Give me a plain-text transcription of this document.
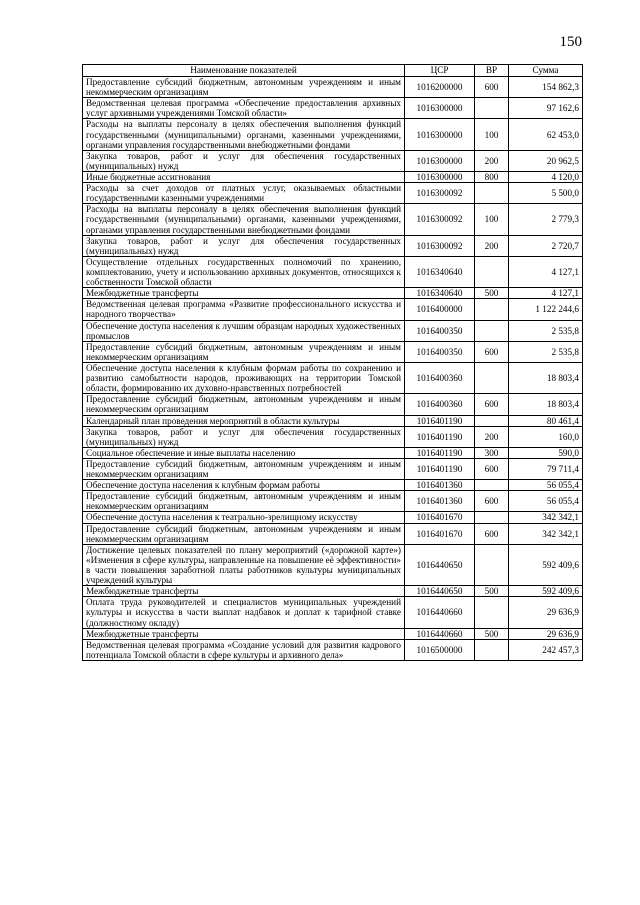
150
Наименование показателей	ЦСР	ВР	Сумма
Предоставление субсидий бюджетным, автономным учреждениям и иным некоммерческим организациям	1016200000	600	154 862,3
Ведомственная целевая программа «Обеспечение предоставления архивных услуг архивными учреждениями Томской области»	1016300000		97 162,6
Расходы на выплаты персоналу в целях обеспечения выполнения функций государственными (муниципальными) органами, казенными учреждениями, органами управления государственными внебюджетными фондами	1016300000	100	62 453,0
Закупка товаров, работ и услуг для обеспечения государственных (муниципальных) нужд	1016300000	200	20 962,5
Иные бюджетные ассигнования	1016300000	800	4 120,0
Расходы за счет доходов от платных услуг, оказываемых областными государственными казенными учреждениями	1016300092		5 500,0
Расходы на выплаты персоналу в целях обеспечения выполнения функций государственными (муниципальными) органами, казенными учреждениями, органами управления государственными внебюджетными фондами	1016300092	100	2 779,3
Закупка товаров, работ и услуг для обеспечения государственных (муниципальных) нужд	1016300092	200	2 720,7
Осуществление отдельных государственных полномочий по хранению, комплектованию, учету и использованию архивных документов, относящихся к собственности Томской области	1016340640		4 127,1
Межбюджетные трансферты	1016340640	500	4 127,1
Ведомственная целевая программа «Развитие профессионального искусства и народного творчества»	1016400000		1 122 244,6
Обеспечение доступа населения к лучшим образцам народных художественных промыслов	1016400350		2 535,8
Предоставление субсидий бюджетным, автономным учреждениям и иным некоммерческим организациям	1016400350	600	2 535,8
Обеспечение доступа населения к клубным формам работы по сохранению и развитию самобытности народов, проживающих на территории Томской области, формированию их духовно-нравственных потребностей	1016400360		18 803,4
Предоставление субсидий бюджетным, автономным учреждениям и иным некоммерческим организациям	1016400360	600	18 803,4
Календарный план проведения мероприятий в области культуры	1016401190		80 461,4
Закупка товаров, работ и услуг для обеспечения государственных (муниципальных) нужд	1016401190	200	160,0
Социальное обеспечение и иные выплаты населению	1016401190	300	590,0
Предоставление субсидий бюджетным, автономным учреждениям и иным некоммерческим организациям	1016401190	600	79 711,4
Обеспечение доступа населения к клубным формам работы	1016401360		56 055,4
Предоставление субсидий бюджетным, автономным учреждениям и иным некоммерческим организациям	1016401360	600	56 055,4
Обеспечение доступа населения к театрально-зрелищному искусству	1016401670		342 342,1
Предоставление субсидий бюджетным, автономным учреждениям и иным некоммерческим организациям	1016401670	600	342 342,1
Достижение целевых показателей по плану мероприятий («дорожной карте») «Изменения в сфере культуры, направленные на повышение её эффективности» в части повышения заработной платы работников культуры муниципальных учреждений культуры	1016440650		592 409,6
Межбюджетные трансферты	1016440650	500	592 409,6
Оплата труда руководителей и специалистов муниципальных учреждений культуры и искусства в части выплат надбавок и доплат к тарифной ставке (должностному окладу)	1016440660		29 636,9
Межбюджетные трансферты	1016440660	500	29 636,9
Ведомственная целевая программа «Создание условий для развития кадрового потенциала Томской области в сфере культуры и архивного дела»	1016500000		242 457,3
